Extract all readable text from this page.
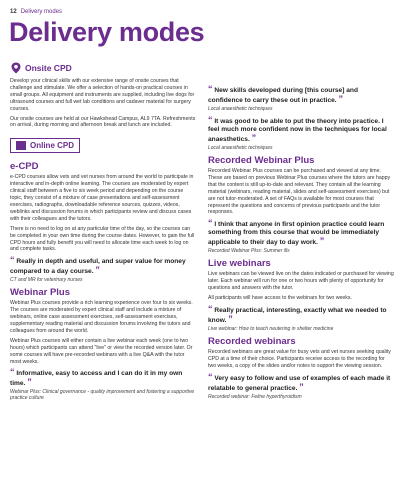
12 Delivery modes
Delivery modes
Onsite CPD

Develop your clinical skills with our extensive range of onsite courses that challenge and stimulate. We offer a selection of hands-on practical courses in small groups. All equipment and instruments are supplied, including live dogs for ultrasound courses and full wet lab conditions and cadaver material for surgery courses.

Our onsite courses are held at our Hawkshead Campus, AL9 7TA. Refreshments on arrival, during morning and afternoon break and lunch are included.

Online CPD
e-CPD

e-CPD courses allow vets and vet nurses from around the world to participate in interactive and in-depth online learning. The courses are moderated by expert clinical staff between a five to six week period and depending on the course topic, they consist of a mixture of case presentations and self-assessment exercises, radiographs, downloadable reference sources, quizzes, videos, weblinks and discussion forums in which participants review and discuss cases with their colleagues and the tutors.

There is no need to log on at any particular time of the day, so the courses can be completed in your own time during the course dates. However, to gain the full CPD hours and fully benefit you will need to allocate time each week to log on and complete tasks.

“ Really in depth and useful, and super value for money compared to a day course. ”
CT and MR for veterinary nurses
Webinar Plus

Webinar Plus courses provide a rich learning experience over four to six weeks. The courses are moderated by expert clinical staff and include a mixture of webinars, online case assessment exercises, self-assessment exercises, supplementary reading material and discussion forums involving the tutors and colleagues from around the world.

Webinar Plus courses will either contain a live webinar each week (one to two hours) which participants can attend "live" or view the recorded version later. Or some courses will have pre-recorded webinars with a live Q&A with the tutor most weeks.

“ Informative, easy to access and I can do it in my own time. ”
Webinar Plus: Clinical governance - quality improvement and fostering a supportive practice culture
“ New skills developed during [this course] and confidence to carry these out in practice. ”
Local anaesthetic techniques
“ It was good to be able to put the theory into practice. I feel much more confident now in the techniques for local anaesthetics. ”
Local anaesthetic techniques
Recorded Webinar Plus

Recorded Webinar Plus courses can be purchased and viewed at any time. These are based on previous Webinar Plus courses where the tutors are happy that the content is still up-to-date and relevant. They contain all the learning material (webinars, reading material, slides and self-assessment exercises) but are not tutor-moderated. A set of FAQs is available for most courses that represent the questions and concerns of previous participants and the tutor responses.

“ I think that anyone in first opinion practice could learn something from this course that would be immediately applicable to their day to day work. ”
Recorded Webinar Plus: Summer ills
Live webinars

Live webinars can be viewed live on the dates indicated or purchased for viewing later. Each webinar will run for one or two hours with plenty of opportunity for questions and answers with the tutor.

All participants will have access to the webinars for two weeks.

“ Really practical, interesting, exactly what we needed to know. ”
Live webinar: How to teach neutering in shelter medicine
Recorded webinars

Recorded webinars are great value for busy vets and vet nurses seeking quality CPD at a time of their choice. Participants receive access to the recording for two weeks, a copy of the slides and/or notes to support the viewing session.

“ Very easy to follow and use of examples of each made it relatable to general practice. ”
Recorded webinar: Feline hyperthyroidism
